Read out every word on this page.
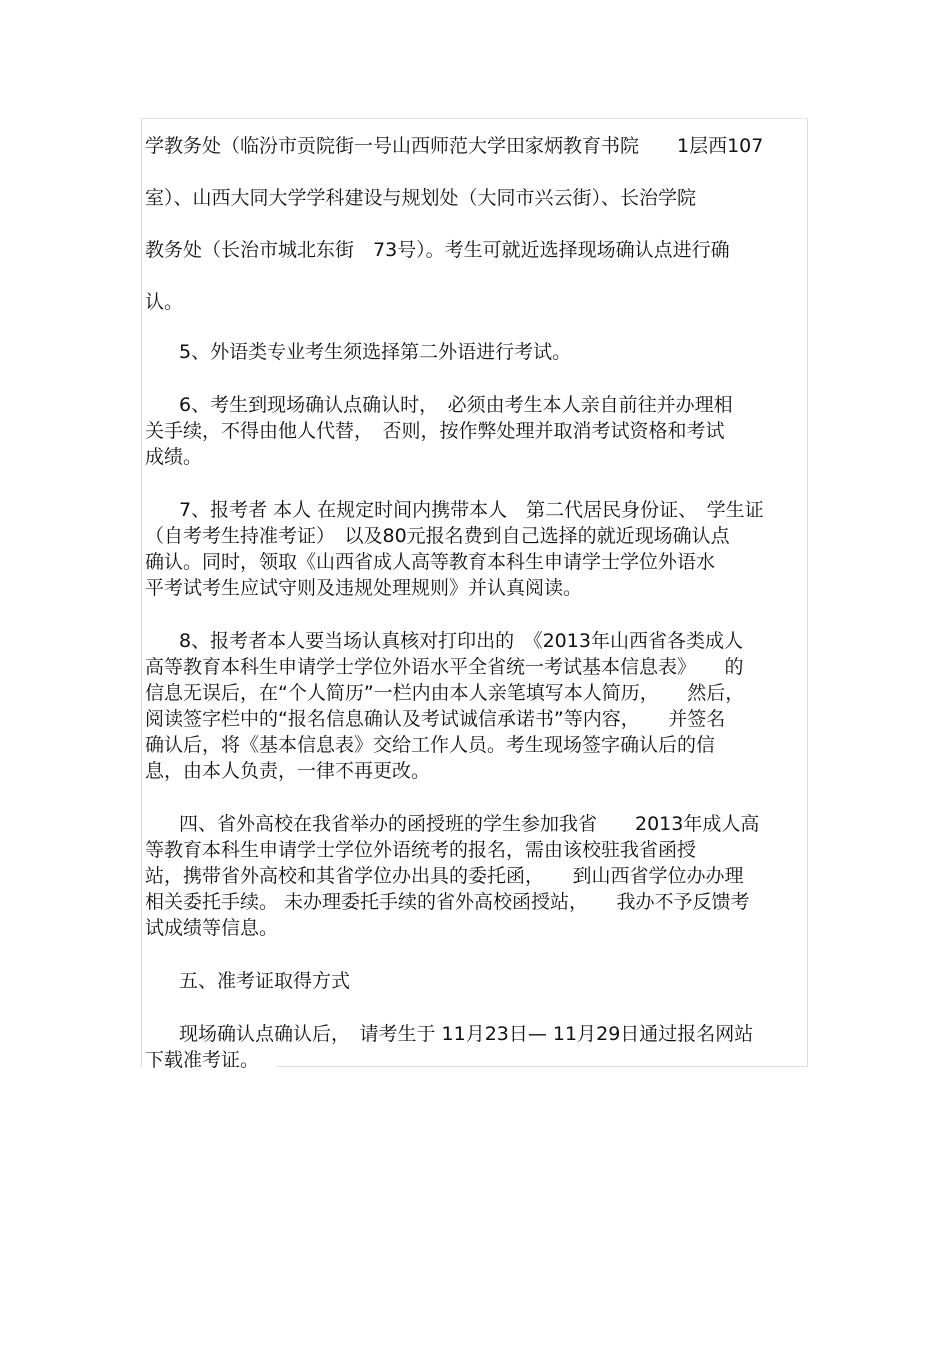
学教务处（临汾市贡院街一号山西师范大学田家炳教育书院　　1层西107
室）、山西大同大学学科建设与规划处（大同市兴云街）、长治学院
教务处（长治市城北东街　73号）。考生可就近选择现场确认点进行确
认。
5、外语类专业考生须选择第二外语进行考试。
6、考生到现场确认点确认时，　必须由考生本人亲自前往并办理相
关手续，不得由他人代替，　否则，按作弊处理并取消考试资格和考试
成绩。
7、报考者 本人 在规定时间内携带本人　第二代居民身份证、　学生证
（自考考生持准考证）　以及80元报名费到自己选择的就近现场确认点
确认。同时，领取《山西省成人高等教育本科生申请学士学位外语水
平考试考生应试守则及违规处理规则》并认真阅读。
8、报考者本人要当场认真核对打印出的　《2013年山西省各类成人
高等教育本科生申请学士学位外语水平全省统一考试基本信息表》　　的
信息无误后，在“个人简历”一栏内由本人亲笔填写本人简历，　　然后，
阅读签字栏中的“报名信息确认及考试诚信承诺书”等内容，　　并签名
确认后，将《基本信息表》交给工作人员。考生现场签字确认后的信
息，由本人负责，一律不再更改。
四、省外高校在我省举办的函授班的学生参加我省　　2013年成人高
等教育本科生申请学士学位外语统考的报名，需由该校驻我省函授
站，携带省外高校和其省学位办出具的委托函，　　到山西省学位办办理
相关委托手续。 未办理委托手续的省外高校函授站，　　我办不予反馈考
试成绩等信息。
五、准考证取得方式
现场确认点确认后，　请考生于 11月23日— 11月29日通过报名网站
下载准考证。
